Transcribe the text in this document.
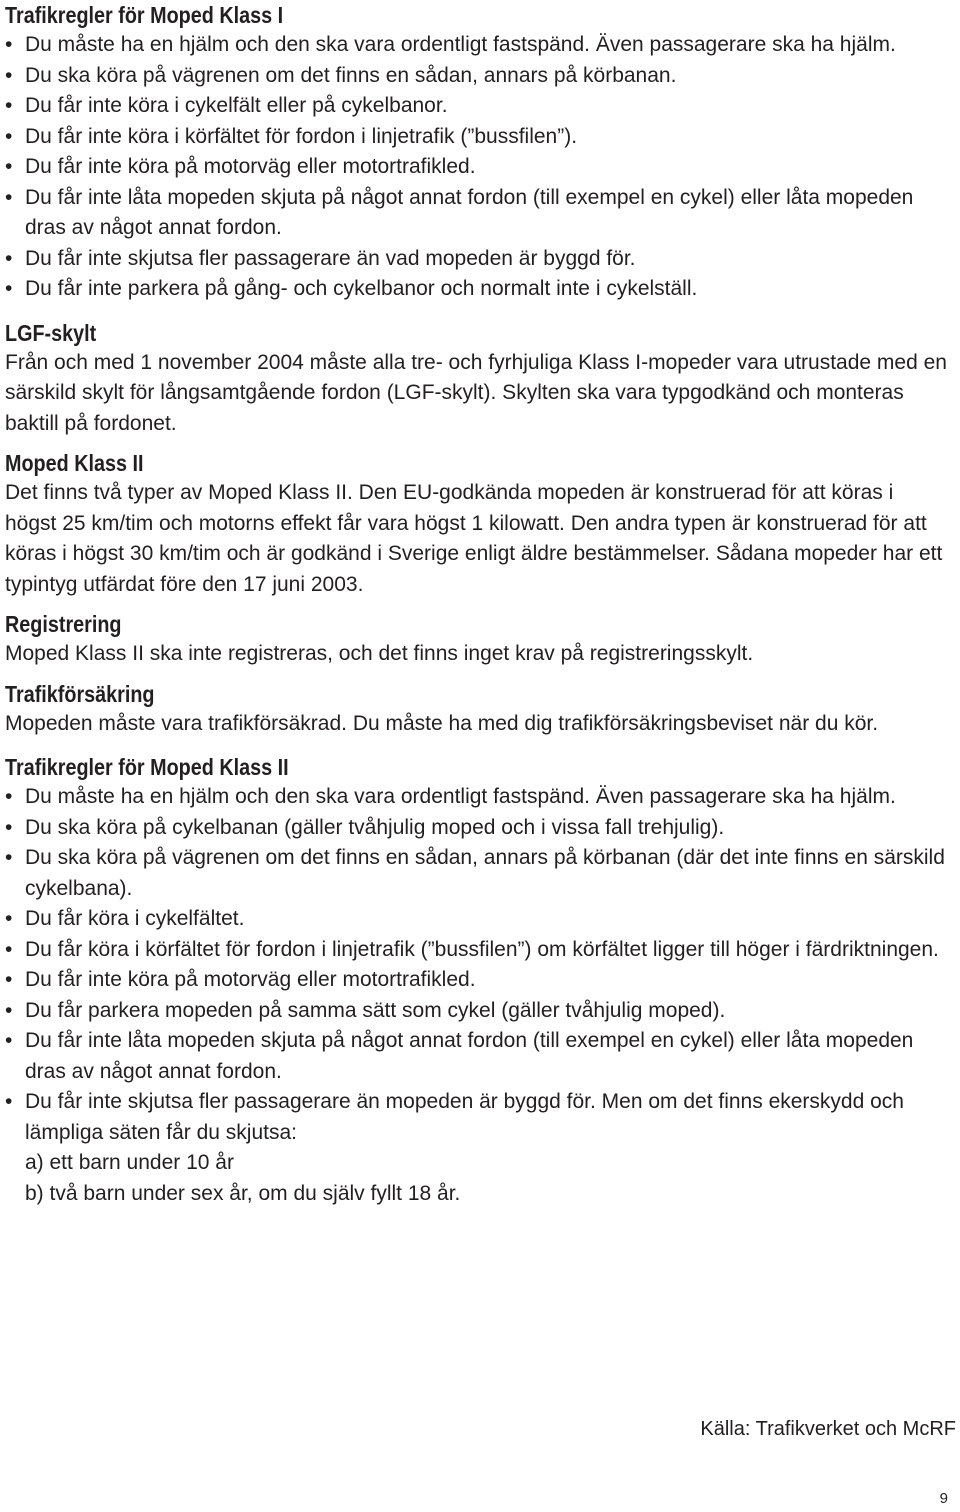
Trafikregler för Moped Klass I
• Du måste ha en hjälm och den ska vara ordentligt fastspänd. Även passagerare ska ha hjälm.
• Du ska köra på vägrenen om det finns en sådan, annars på körbanan.
• Du får inte köra i cykelfält eller på cykelbanor.
• Du får inte köra i körfältet för fordon i linjetrafik (”bussfilen”).
• Du får inte köra på motorväg eller motortrafikled.
• Du får inte låta mopeden skjuta på något annat fordon (till exempel en cykel) eller låta mopeden dras av något annat fordon.
• Du får inte skjutsa fler passagerare än vad mopeden är byggd för.
• Du får inte parkera på gång- och cykelbanor och normalt inte i cykelställ.
LGF-skylt

Från och med 1 november 2004 måste alla tre- och fyrhjuliga Klass I-mopeder vara utrustade med en särskild skylt för långsamtgående fordon (LGF-skylt). Skylten ska vara typgodkänd och monteras baktill på fordonet.

Moped Klass II

Det finns två typer av Moped Klass II. Den EU-godkända mopeden är konstruerad för att köras i högst 25 km/tim och motorns effekt får vara högst 1 kilowatt. Den andra typen är konstruerad för att köras i högst 30 km/tim och är godkänd i Sverige enligt äldre bestämmelser. Sådana mopeder har ett typintyg utfärdat före den 17 juni 2003.

Registrering

Moped Klass II ska inte registreras, och det finns inget krav på registreringsskylt.

Trafikförsäkring

Mopeden måste vara trafikförsäkrad. Du måste ha med dig trafikförsäkringsbeviset när du kör.

Trafikregler för Moped Klass II
• Du måste ha en hjälm och den ska vara ordentligt fastspänd. Även passagerare ska ha hjälm.
• Du ska köra på cykelbanan (gäller tvåhjulig moped och i vissa fall trehjulig).
• Du ska köra på vägrenen om det finns en sådan, annars på körbanan (där det inte finns en särskild cykelbana).
• Du får köra i cykelfältet.
• Du får köra i körfältet för fordon i linjetrafik (”bussfilen”) om körfältet ligger till höger i färdriktningen.
• Du får inte köra på motorväg eller motortrafikled.
• Du får parkera mopeden på samma sätt som cykel (gäller tvåhjulig moped).
• Du får inte låta mopeden skjuta på något annat fordon (till exempel en cykel) eller låta mopeden dras av något annat fordon.
• Du får inte skjutsa fler passagerare än mopeden är byggd för. Men om det finns ekerskydd och lämpliga säten får du skjutsa:
a) ett barn under 10 år
b) två barn under sex år, om du själv fyllt 18 år.
Källa: Trafikverket och McRF
9
